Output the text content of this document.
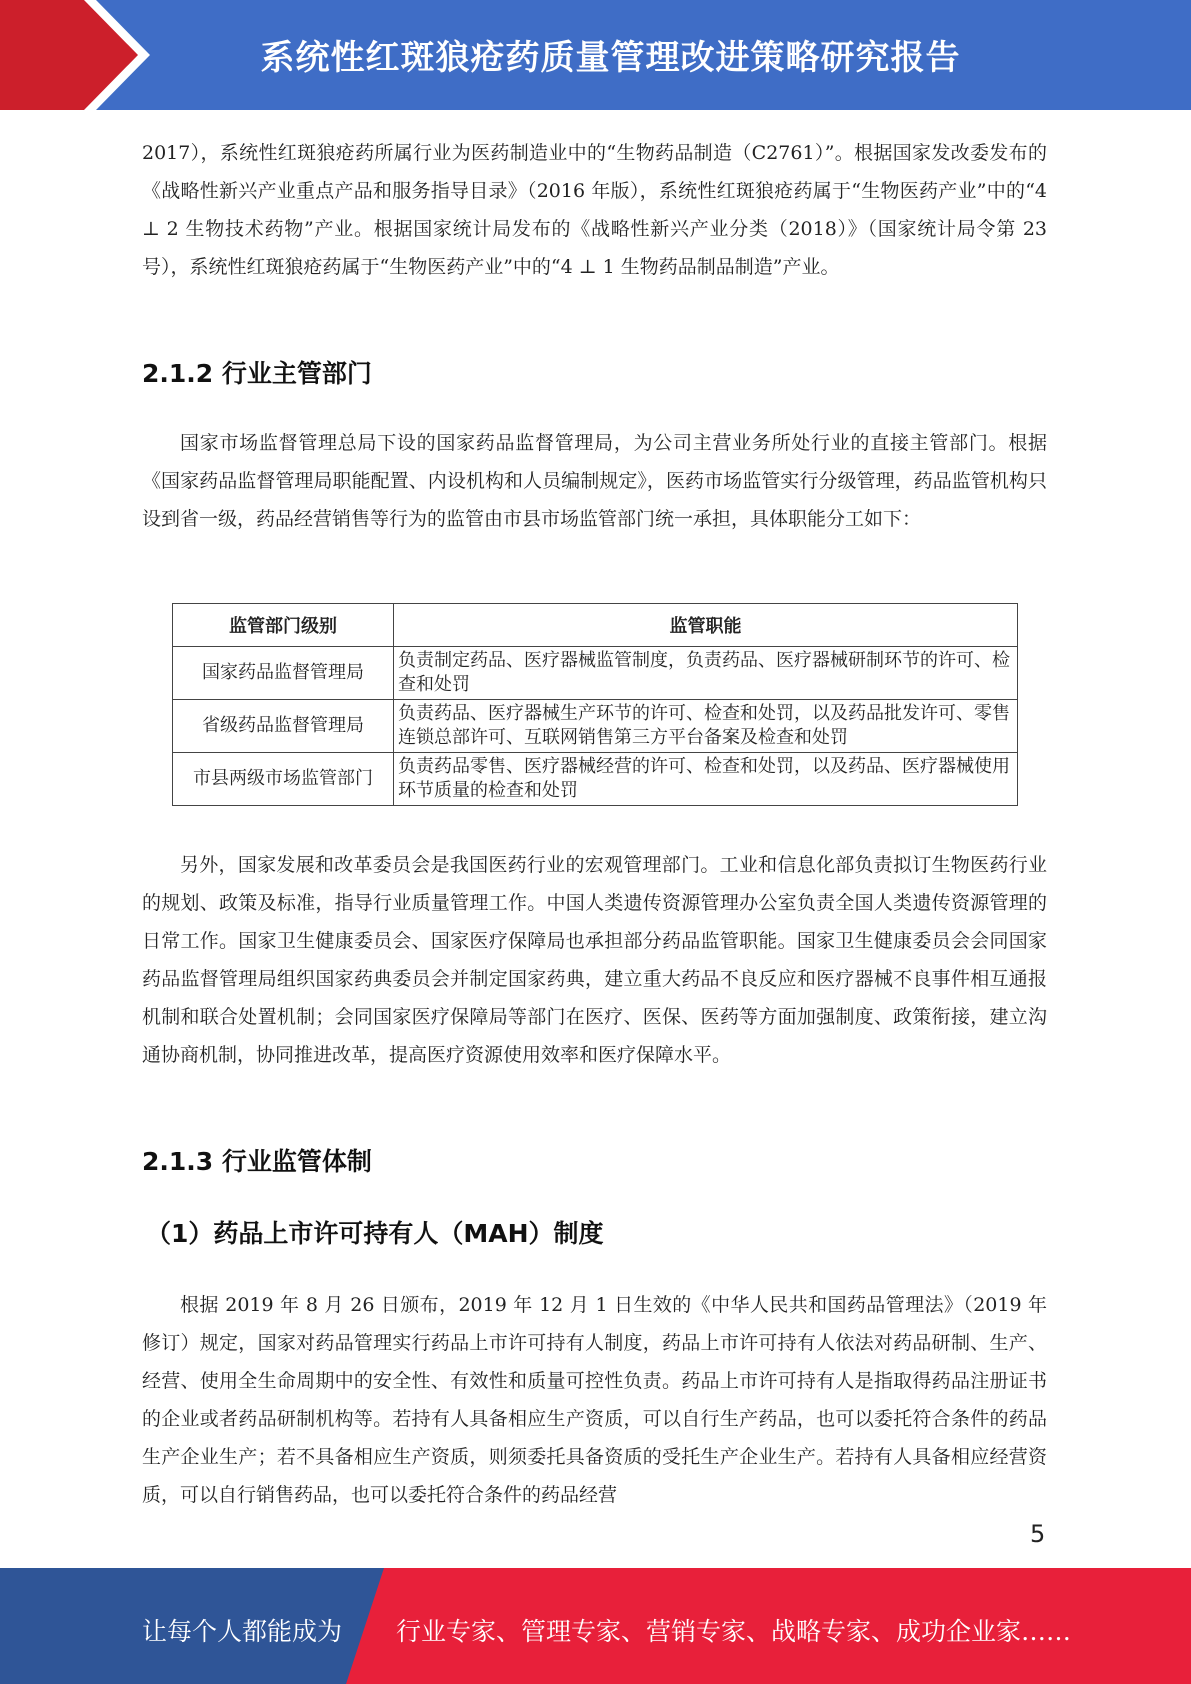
系统性红斑狼疮药质量管理改进策略研究报告

2017），系统性红斑狼疮药所属行业为医药制造业中的“生物药品制造（C2761）”。根据国家发改委发布的《战略性新兴产业重点产品和服务指导目录》（2016 年版），系统性红斑狼疮药属于“生物医药产业”中的“4 ⊥ 2 生物技术药物”产业。根据国家统计局发布的《战略性新兴产业分类（2018）》（国家统计局令第 23 号），系统性红斑狼疮药属于“生物医药产业”中的“4 ⊥ 1 生物药品制品制造”产业。

2.1.2 行业主管部门

国家市场监督管理总局下设的国家药品监督管理局，为公司主营业务所处行业的直接主管部门。根据《国家药品监督管理局职能配置、内设机构和人员编制规定》，医药市场监管实行分级管理，药品监管机构只设到省一级，药品经营销售等行为的监管由市县市场监管部门统一承担，具体职能分工如下：

监管部门级别	监管职能
国家药品监督管理局	负责制定药品、医疗器械监管制度，负责药品、医疗器械研制环节的许可、检查和处罚
省级药品监督管理局	负责药品、医疗器械生产环节的许可、检查和处罚，以及药品批发许可、零售连锁总部许可、互联网销售第三方平台备案及检查和处罚
市县两级市场监管部门	负责药品零售、医疗器械经营的许可、检查和处罚，以及药品、医疗器械使用环节质量的检查和处罚

另外，国家发展和改革委员会是我国医药行业的宏观管理部门。工业和信息化部负责拟订生物医药行业的规划、政策及标准，指导行业质量管理工作。中国人类遗传资源管理办公室负责全国人类遗传资源管理的日常工作。国家卫生健康委员会、国家医疗保障局也承担部分药品监管职能。国家卫生健康委员会会同国家药品监督管理局组织国家药典委员会并制定国家药典，建立重大药品不良反应和医疗器械不良事件相互通报机制和联合处置机制；会同国家医疗保障局等部门在医疗、医保、医药等方面加强制度、政策衔接，建立沟通协商机制，协同推进改革，提高医疗资源使用效率和医疗保障水平。

2.1.3 行业监管体制
（1）药品上市许可持有人（MAH）制度

根据 2019 年 8 月 26 日颁布，2019 年 12 月 1 日生效的《中华人民共和国药品管理法》（2019 年修订）规定，国家对药品管理实行药品上市许可持有人制度，药品上市许可持有人依法对药品研制、生产、经营、使用全生命周期中的安全性、有效性和质量可控性负责。药品上市许可持有人是指取得药品注册证书的企业或者药品研制机构等。若持有人具备相应生产资质，可以自行生产药品，也可以委托符合条件的药品生产企业生产；若不具备相应生产资质，则须委托具备资质的受托生产企业生产。若持有人具备相应经营资质，可以自行销售药品，也可以委托符合条件的药品经营

5
让每个人都能成为 行业专家、管理专家、营销专家、战略专家、成功企业家……
